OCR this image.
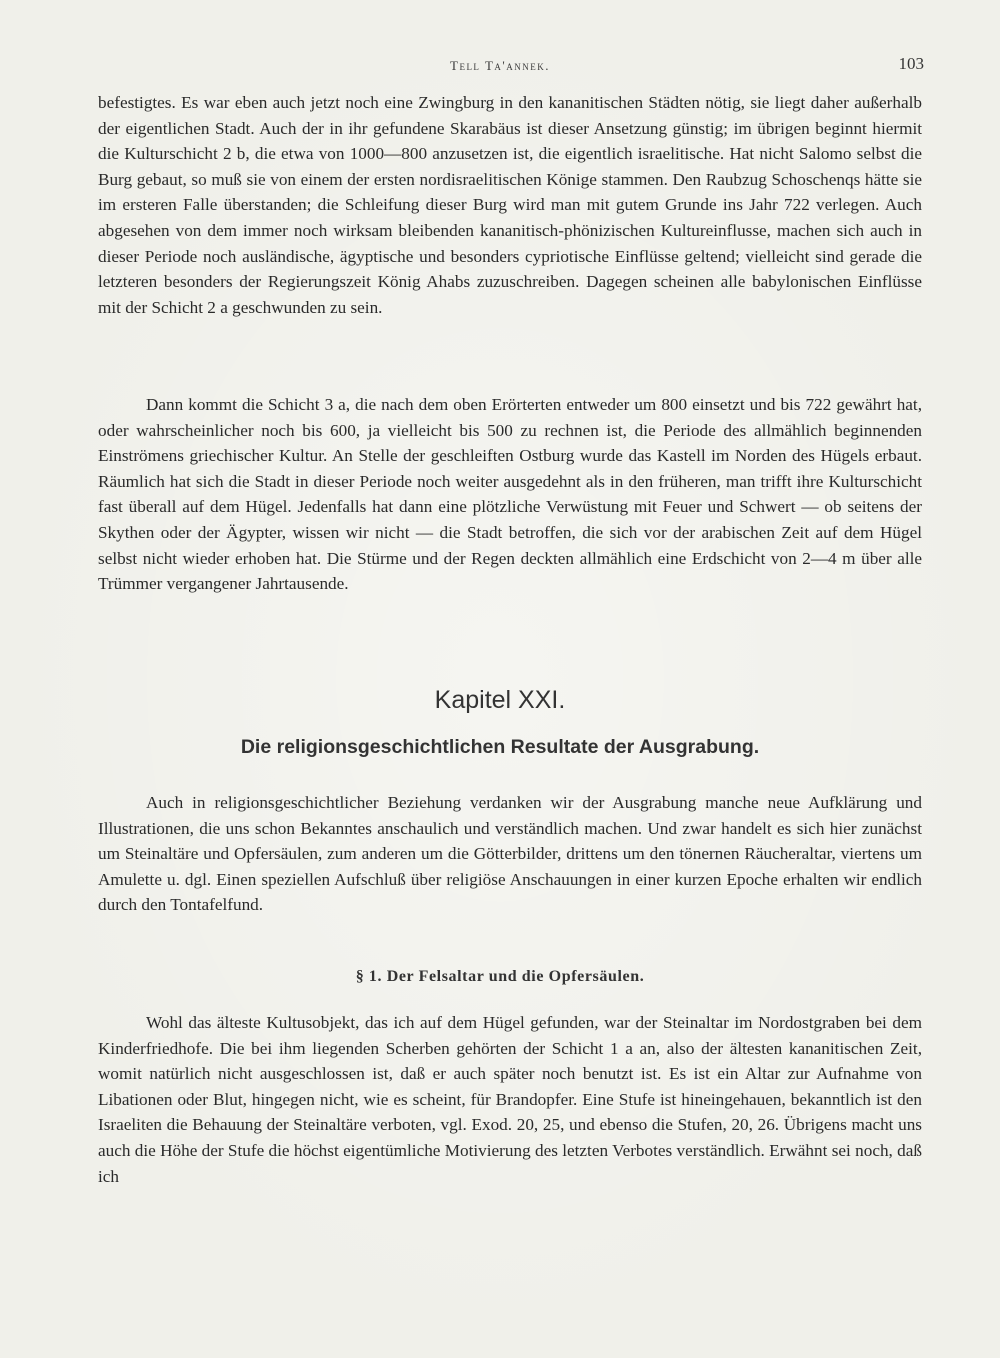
Tell Ta'annek.	103

befestigtes. Es war eben auch jetzt noch eine Zwingburg in den kananitischen Städten nötig, sie liegt daher außerhalb der eigentlichen Stadt. Auch der in ihr gefundene Skarabäus ist dieser Ansetzung günstig; im übrigen beginnt hiermit die Kulturschicht 2 b, die etwa von 1000—800 anzusetzen ist, die eigentlich israelitische. Hat nicht Salomo selbst die Burg gebaut, so muß sie von einem der ersten nordisraelitischen Könige stammen. Den Raubzug Schoschenqs hätte sie im ersteren Falle überstanden; die Schleifung dieser Burg wird man mit gutem Grunde ins Jahr 722 verlegen. Auch abgesehen von dem immer noch wirksam bleibenden kananitisch-phönizischen Kultureinflusse, machen sich auch in dieser Periode noch ausländische, ägyptische und besonders cypriotische Einflüsse geltend; vielleicht sind gerade die letzteren besonders der Regierungszeit König Ahabs zuzuschreiben. Dagegen scheinen alle babylonischen Einflüsse mit der Schicht 2 a geschwunden zu sein.

Dann kommt die Schicht 3 a, die nach dem oben Erörterten entweder um 800 einsetzt und bis 722 gewährt hat, oder wahrscheinlicher noch bis 600, ja vielleicht bis 500 zu rechnen ist, die Periode des allmählich beginnenden Einströmens griechischer Kultur. An Stelle der geschleiften Ostburg wurde das Kastell im Norden des Hügels erbaut. Räumlich hat sich die Stadt in dieser Periode noch weiter ausgedehnt als in den früheren, man trifft ihre Kulturschicht fast überall auf dem Hügel. Jedenfalls hat dann eine plötzliche Verwüstung mit Feuer und Schwert — ob seitens der Skythen oder der Ägypter, wissen wir nicht — die Stadt betroffen, die sich vor der arabischen Zeit auf dem Hügel selbst nicht wieder erhoben hat. Die Stürme und der Regen deckten allmählich eine Erdschicht von 2—4 m über alle Trümmer vergangener Jahrtausende.

Kapitel XXI.
Die religionsgeschichtlichen Resultate der Ausgrabung.

Auch in religionsgeschichtlicher Beziehung verdanken wir der Ausgrabung manche neue Aufklärung und Illustrationen, die uns schon Bekanntes anschaulich und verständlich machen. Und zwar handelt es sich hier zunächst um Steinaltäre und Opfersäulen, zum anderen um die Götterbilder, drittens um den tönernen Räucheraltar, viertens um Amulette u. dgl. Einen speziellen Aufschluß über religiöse Anschauungen in einer kurzen Epoche erhalten wir endlich durch den Tontafelfund.

§ 1. Der Felsaltar und die Opfersäulen.

Wohl das älteste Kultusobjekt, das ich auf dem Hügel gefunden, war der Steinaltar im Nordostgraben bei dem Kinderfriedhofe. Die bei ihm liegenden Scherben gehörten der Schicht 1 a an, also der ältesten kananitischen Zeit, womit natürlich nicht ausgeschlossen ist, daß er auch später noch benutzt ist. Es ist ein Altar zur Aufnahme von Libationen oder Blut, hingegen nicht, wie es scheint, für Brandopfer. Eine Stufe ist hineingehauen, bekanntlich ist den Israeliten die Behauung der Steinaltäre verboten, vgl. Exod. 20, 25, und ebenso die Stufen, 20, 26. Übrigens macht uns auch die Höhe der Stufe die höchst eigentümliche Motivierung des letzten Verbotes verständlich. Erwähnt sei noch, daß ich
